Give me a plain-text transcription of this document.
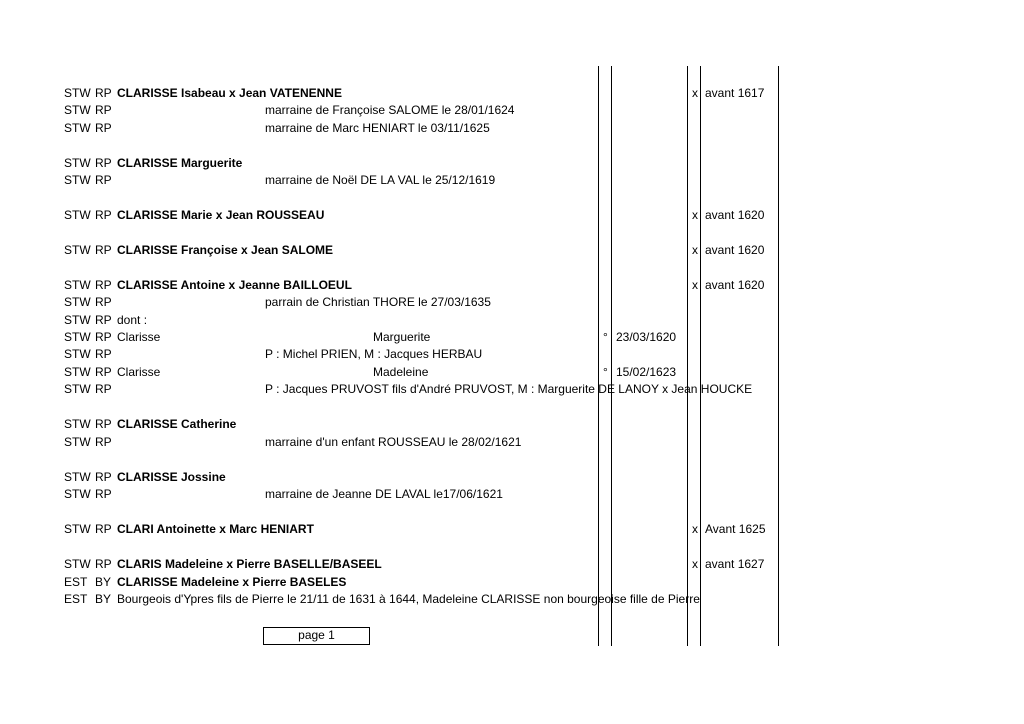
STW RP CLARISSE Isabeau x Jean VATENENNE	x avant 1617
STW RP	marraine de Françoise SALOME le 28/01/1624
STW RP	marraine de Marc HENIART le 03/11/1625
STW RP CLARISSE Marguerite
STW RP	marraine de Noël DE LA VAL le 25/12/1619
STW RP CLARISSE Marie x Jean ROUSSEAU	x avant 1620
STW RP CLARISSE Françoise x Jean SALOME	x avant 1620
STW RP CLARISSE Antoine x Jeanne BAILLOEUL	x avant 1620
STW RP	parrain de Christian THORE le 27/03/1635
STW RP dont :
STW RP Clarisse	Marguerite	° 23/03/1620
STW RP	P : Michel PRIEN, M : Jacques HERBAU
STW RP Clarisse	Madeleine	° 15/02/1623
STW RP	P : Jacques PRUVOST fils d'André PRUVOST, M : Marguerite DE LANOY x Jean HOUCKE
STW RP CLARISSE Catherine
STW RP	marraine d'un enfant ROUSSEAU le 28/02/1621
STW RP CLARISSE Jossine
STW RP	marraine de Jeanne DE LAVAL le17/06/1621
STW RP CLARI Antoinette x Marc HENIART	x Avant 1625
STW RP CLARIS Madeleine x Pierre BASELLE/BASEEL	x avant 1627
EST BY CLARISSE Madeleine x Pierre BASELES
EST BY Bourgeois d'Ypres fils de Pierre le 21/11 de 1631 à 1644, Madeleine CLARISSE non bourgeoise fille de Pierre
page 1
